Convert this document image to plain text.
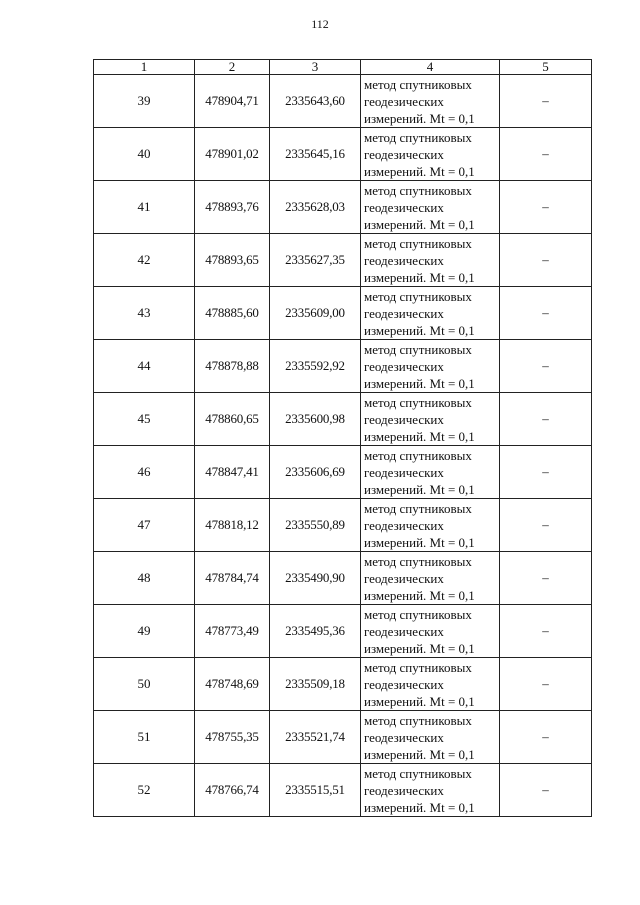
112
1	2	3	4	5
39	478904,71	2335643,60	метод спутниковых
геодезических
измерений. Mt = 0,1	–
40	478901,02	2335645,16	метод спутниковых
геодезических
измерений. Mt = 0,1	–
41	478893,76	2335628,03	метод спутниковых
геодезических
измерений. Mt = 0,1	–
42	478893,65	2335627,35	метод спутниковых
геодезических
измерений. Mt = 0,1	–
43	478885,60	2335609,00	метод спутниковых
геодезических
измерений. Mt = 0,1	–
44	478878,88	2335592,92	метод спутниковых
геодезических
измерений. Mt = 0,1	–
45	478860,65	2335600,98	метод спутниковых
геодезических
измерений. Mt = 0,1	–
46	478847,41	2335606,69	метод спутниковых
геодезических
измерений. Mt = 0,1	–
47	478818,12	2335550,89	метод спутниковых
геодезических
измерений. Mt = 0,1	–
48	478784,74	2335490,90	метод спутниковых
геодезических
измерений. Mt = 0,1	–
49	478773,49	2335495,36	метод спутниковых
геодезических
измерений. Mt = 0,1	–
50	478748,69	2335509,18	метод спутниковых
геодезических
измерений. Mt = 0,1	–
51	478755,35	2335521,74	метод спутниковых
геодезических
измерений. Mt = 0,1	–
52	478766,74	2335515,51	метод спутниковых
геодезических
измерений. Mt = 0,1	–
